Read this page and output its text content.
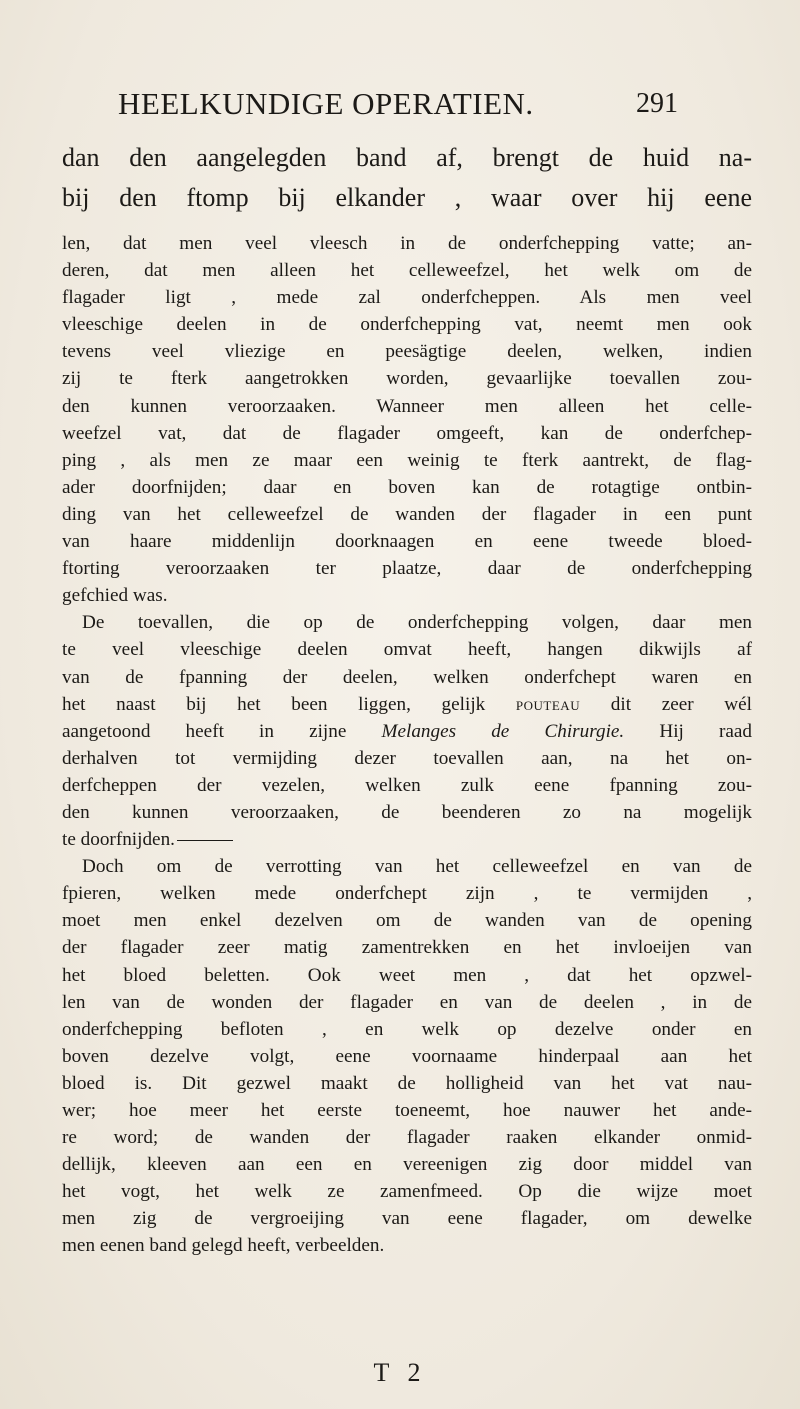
HEELKUNDIGE OPERATIEN.	291
dan den aangelegden band af, brengt de huid na-
bij den ftomp bij elkander , waar over hij eene
len, dat men veel vleesch in de onderfchepping vatte; an-
deren, dat men alleen het celleweefzel, het welk om de
flagader ligt , mede zal onderfcheppen. Als men veel
vleeschige deelen in de onderfchepping vat, neemt men ook
tevens veel vliezige en peesägtige deelen, welken, indien
zij te fterk aangetrokken worden, gevaarlijke toevallen zou-
den kunnen veroorzaaken. Wanneer men alleen het celle-
weefzel vat, dat de flagader omgeeft, kan de onderfchep-
ping , als men ze maar een weinig te fterk aantrekt, de flag-
ader doorfnijden; daar en boven kan de rotagtige ontbin-
ding van het celleweefzel de wanden der flagader in een punt
van haare middenlijn doorknaagen en eene tweede bloed-
ftorting veroorzaaken ter plaatze, daar de onderfchepping
gefchied was.
De toevallen, die op de onderfchepping volgen, daar men
te veel vleeschige deelen omvat heeft, hangen dikwijls af
van de fpanning der deelen, welken onderfchept waren en
het naast bij het been liggen, gelijk pouteau dit zeer wél
aangetoond heeft in zijne Melanges de Chirurgie. Hij raad
derhalven tot vermijding dezer toevallen aan, na het on-
derfcheppen der vezelen, welken zulk eene fpanning zou-
den kunnen veroorzaaken, de beenderen zo na mogelijk
te doorfnijden.
Doch om de verrotting van het celleweefzel en van de
fpieren, welken mede onderfchept zijn , te vermijden ,
moet men enkel dezelven om de wanden van de opening
der flagader zeer matig zamentrekken en het invloeijen van
het bloed beletten. Ook weet men , dat het opzwel-
len van de wonden der flagader en van de deelen , in de
onderfchepping befloten , en welk op dezelve onder en
boven dezelve volgt, eene voornaame hinderpaal aan het
bloed is. Dit gezwel maakt de holligheid van het vat nau-
wer; hoe meer het eerste toeneemt, hoe nauwer het ande-
re word; de wanden der flagader raaken elkander onmid-
dellijk, kleeven aan een en vereenigen zig door middel van
het vogt, het welk ze zamenfmeed. Op die wijze moet
men zig de vergroeijing van eene flagader, om dewelke
men eenen band gelegd heeft, verbeelden.
T 2
